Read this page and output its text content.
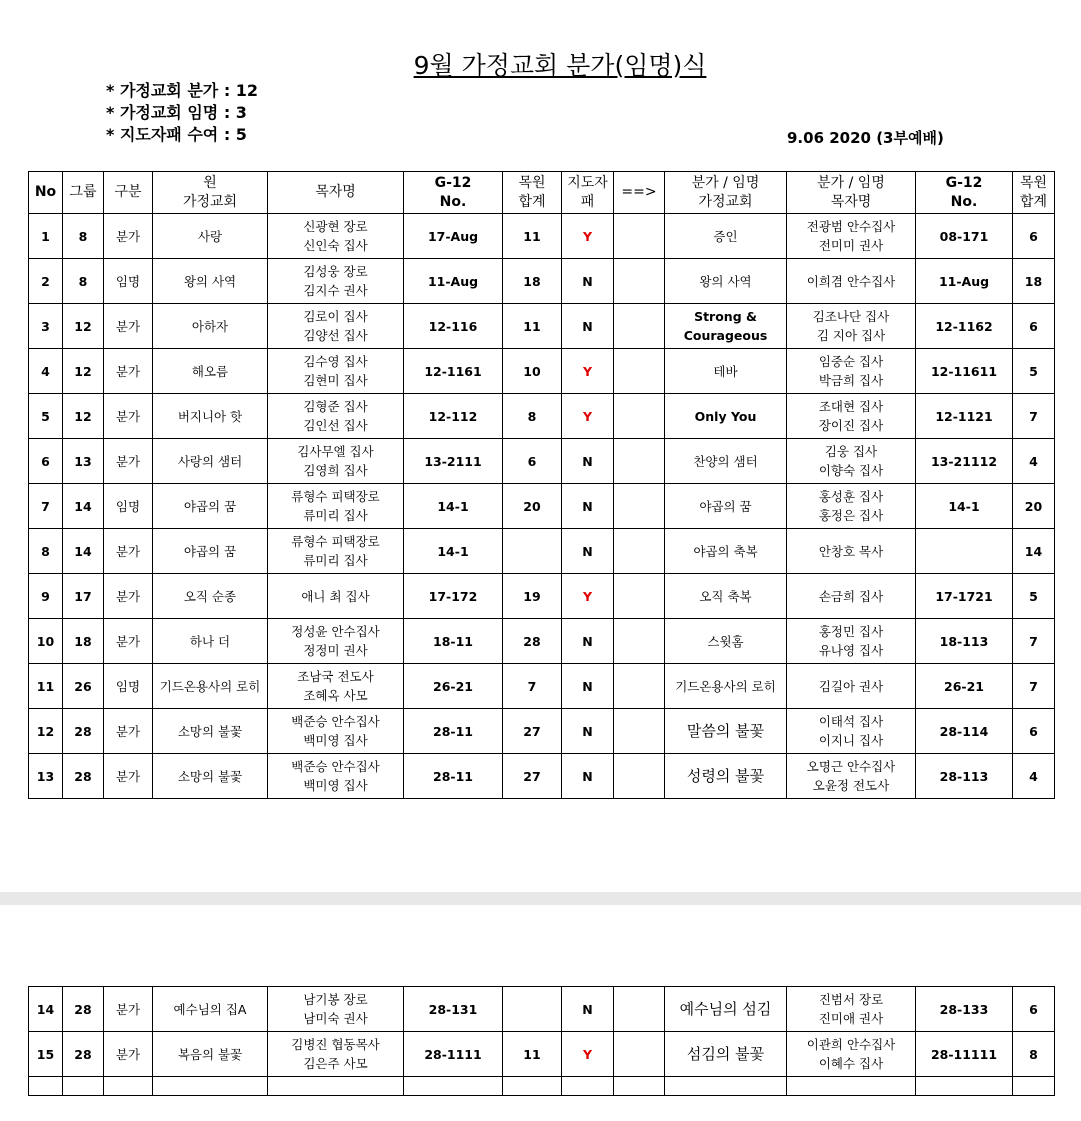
9월 가정교회 분가(임명)식
* 가정교회 분가 : 12
* 가정교회 임명 : 3
* 지도자패 수여 : 5	9.06 2020 (3부예배)
No	그룹	구분	원
가정교회	목자명	G-12
No.	목원
합계	지도자
패	==>	분가 / 임명
가정교회	분가 / 임명
목자명	G-12
No.	목원
합계
1	8	분가	사랑	신광현 장로
신인숙 집사	17-Aug	11	Y		증인	전광범 안수집사
전미미 권사	08-171	6
2	8	임명	왕의 사역	김성웅 장로
김지수 권사	11-Aug	18	N		왕의 사역	이희겸 안수집사	11-Aug	18
3	12	분가	아하자	김로이 집사
김양선 집사	12-116	11	N		Strong &
Courageous	김조나단 집사
김 지아 집사	12-1162	6
4	12	분가	해오름	김수영 집사
김현미 집사	12-1161	10	Y		테바	임중순 집사
박금희 집사	12-11611	5
5	12	분가	버지니아 핫	김형준 집사
김인선 집사	12-112	8	Y		Only You	조대현 집사
장이진 집사	12-1121	7
6	13	분가	사랑의 샘터	김사무엘 집사
김영희 집사	13-2111	6	N		찬양의 샘터	김웅 집사
이향숙 집사	13-21112	4
7	14	임명	야곱의 꿈	류형수 피택장로
류미리 집사	14-1	20	N		야곱의 꿈	홍성훈 집사
홍정은 집사	14-1	20
8	14	분가	야곱의 꿈	류형수 피택장로
류미리 집사	14-1		N		야곱의 축복	안창호 목사		14
9	17	분가	오직 순종	애니 최 집사	17-172	19	Y		오직 축복	손금희 집사	17-1721	5
10	18	분가	하나 더	정성윤 안수집사
정정미 권사	18-11	28	N		스윗홈	홍정민 집사
유나영 집사	18-113	7
11	26	임명	기드온용사의 로히	조남국 전도사
조혜옥 사모	26-21	7	N		기드온용사의 로히	김길아 권사	26-21	7
12	28	분가	소망의 불꽃	백준승 안수집사
백미영 집사	28-11	27	N		말씀의 불꽃	이태석 집사
이지니 집사	28-114	6
13	28	분가	소망의 불꽃	백준승 안수집사
백미영 집사	28-11	27	N		성령의 불꽃	오명근 안수집사
오윤정 전도사	28-113	4
14	28	분가	예수님의 집A	남기봉 장로
남미숙 권사	28-131		N		예수님의 섬김	진범서 장로
진미애 권사	28-133	6
15	28	분가	복음의 불꽃	김병진 협동목사
김은주 사모	28-1111	11	Y		섬김의 불꽃	이관희 안수집사
이혜수 집사	28-11111	8
